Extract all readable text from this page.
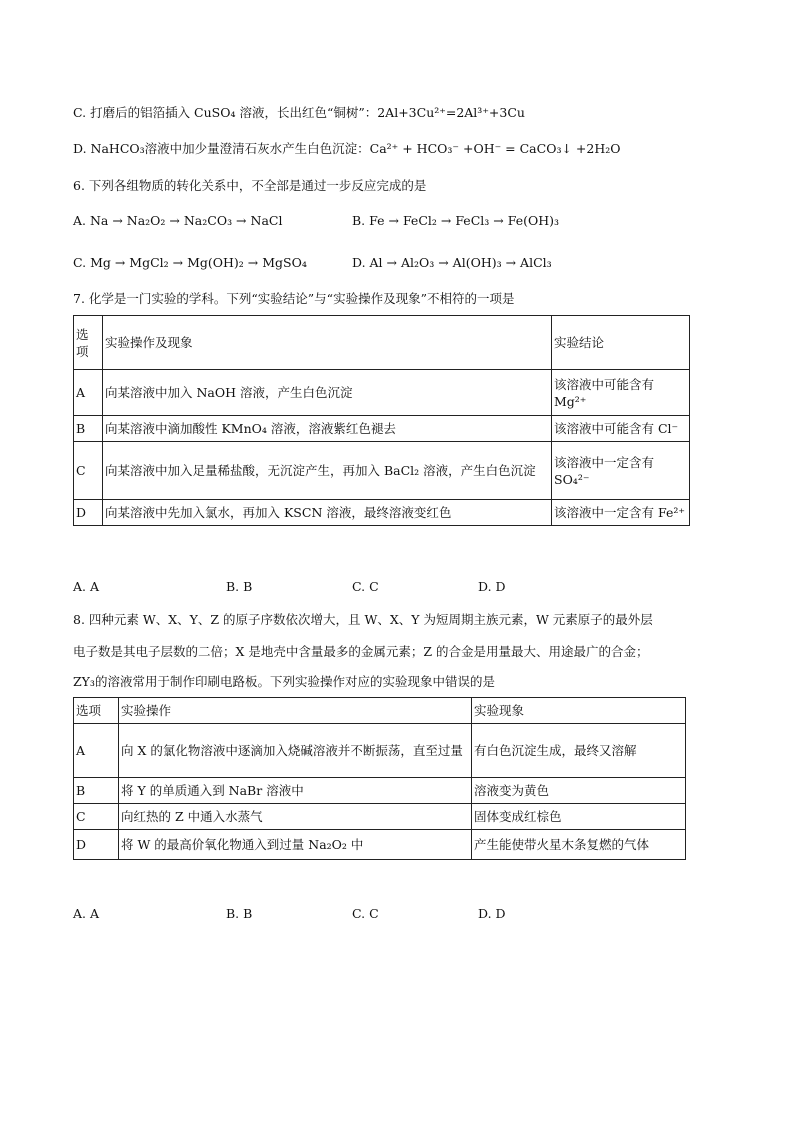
C. 打磨后的铝箔插入 CuSO₄ 溶液，长出红色“铜树”：2Al+3Cu²⁺=2Al³⁺+3Cu
D. NaHCO₃溶液中加少量澄清石灰水产生白色沉淀：Ca²⁺ + HCO₃⁻ +OH⁻ = CaCO₃↓ +2H₂O
6. 下列各组物质的转化关系中，不全部是通过一步反应完成的是
A. Na → Na₂O₂ → Na₂CO₃ → NaCl	B. Fe → FeCl₂ → FeCl₃ → Fe(OH)₃
C. Mg → MgCl₂ → Mg(OH)₂ → MgSO₄	D. Al → Al₂O₃ → Al(OH)₃ → AlCl₃
7. 化学是一门实验的学科。下列“实验结论”与“实验操作及现象”不相符的一项是
选项	实验操作及现象	实验结论
A	向某溶液中加入 NaOH 溶液，产生白色沉淀	该溶液中可能含有 Mg²⁺
B	向某溶液中滴加酸性 KMnO₄ 溶液，溶液紫红色褪去	该溶液中可能含有 Cl⁻
C	向某溶液中加入足量稀盐酸，无沉淀产生，再加入 BaCl₂ 溶液，产生白色沉淀	该溶液中一定含有 SO₄²⁻
D	向某溶液中先加入氯水，再加入 KSCN 溶液，最终溶液变红色	该溶液中一定含有 Fe²⁺
A. A	B. B	C. C	D. D
8. 四种元素 W、X、Y、Z 的原子序数依次增大，且 W、X、Y 为短周期主族元素，W 元素原子的最外层
电子数是其电子层数的二倍；X 是地壳中含量最多的金属元素；Z 的合金是用量最大、用途最广的合金；
ZY₃的溶液常用于制作印刷电路板。下列实验操作对应的实验现象中错误的是
选项	实验操作	实验现象
A	向 X 的氯化物溶液中逐滴加入烧碱溶液并不断振荡，直至过量	有白色沉淀生成，最终又溶解
B	将 Y 的单质通入到 NaBr 溶液中	溶液变为黄色
C	向红热的 Z 中通入水蒸气	固体变成红棕色
D	将 W 的最高价氧化物通入到过量 Na₂O₂ 中	产生能使带火星木条复燃的气体
A. A	B. B	C. C	D. D
